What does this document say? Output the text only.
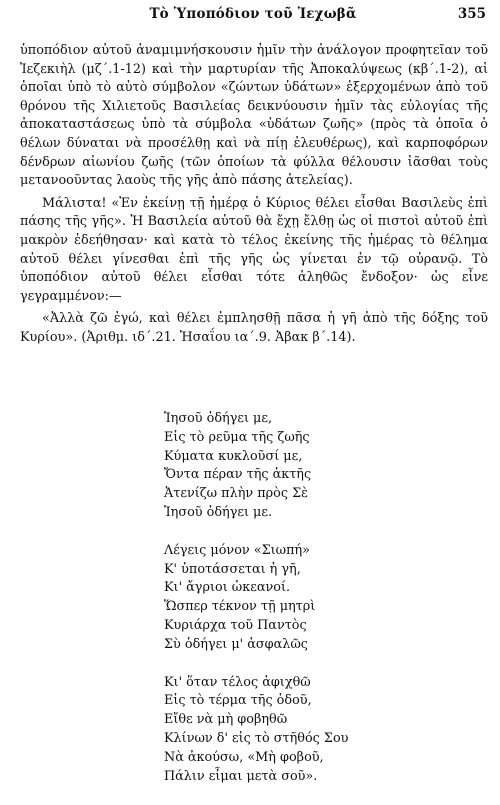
Τὸ Ὑποπόδιον τοῦ Ἰεχωβᾶ	355

ὑποπόδιον αὐτοῦ ἀναμιμνήσκουσιν ἡμῖν τὴν ἀνάλογον προφητεῖαν τοῦ Ἰεζεκιὴλ (μζ΄.1-12) καὶ τὴν μαρτυρίαν τῆς Ἀποκαλύψεως (κβ΄.1-2), αἱ ὁποῖαι ὑπὸ τὸ αὐτὸ σύμβολον «ζώντων ὑδάτων» ἐξερχομένων ἀπὸ τοῦ θρόνου τῆς Χιλιετοῦς Βασιλείας δεικνύουσιν ἡμῖν τὰς εὐλογίας τῆς ἀποκαταστάσεως ὑπὸ τὰ σύμβολα «ὑδάτων ζωῆς» (πρὸς τὰ ὁποῖα ὁ θέλων δύναται νὰ προσέλθῃ καὶ νὰ πίῃ ἐλευθέρως), καὶ καρποφόρων δένδρων αἰωνίου ζωῆς (τῶν ὁποίων τὰ φύλλα θέλουσιν ἰᾶσθαι τοὺς μετανοοῦντας λαοὺς τῆς γῆς ἀπὸ πάσης ἀτελείας).

Μάλιστα! «Ἐν ἐκείνῃ τῇ ἡμέρᾳ ὁ Κύριος θέλει εἶσθαι Βασιλεὺς ἐπὶ πάσης τῆς γῆς». Ἡ Βασιλεία αὐτοῦ θὰ ἔχῃ ἔλθῃ ὡς οἱ πιστοὶ αὐτοῦ ἐπὶ μακρὸν ἐδεήθησαν· καὶ κατὰ τὸ τέλος ἐκείνης τῆς ἡμέρας τὸ θέλημα αὐτοῦ θέλει γίνεσθαι ἐπὶ τῆς γῆς ὡς γίνεται ἐν τῷ οὐρανῷ. Τὸ ὑποπόδιον αὐτοῦ θέλει εἶσθαι τότε ἀληθῶς ἔνδοξον· ὡς εἶνε γεγραμμένον:—

«Ἀλλὰ ζῶ ἐγώ, καὶ θέλει ἐμπλησθῇ πᾶσα ἡ γῆ ἀπὸ τῆς δόξης τοῦ Κυρίου». (Ἀριθμ. ιδ΄.21. Ἠσαΐου ια΄.9. Ἀβακ β΄.14).

Ἰησοῦ ὁδήγει με,
Εἰς τὸ ρεῦμα τῆς ζωῆς
Κύματα κυκλοῦσί με,
Ὄντα πέραν τῆς ἀκτῆς
Ἀτενίζω πλὴν πρὸς Σὲ
Ἰησοῦ ὁδήγει με.
Λέγεις μόνον «Σιωπή»
Κ' ὑποτάσσεται ἡ γῆ,
Κι' ἄγριοι ὠκεανοί.
Ὥσπερ τέκνον τῇ μητρὶ
Κυριάρχα τοῦ Παντὸς
Σὺ ὁδήγει μ' ἀσφαλῶς
Κι' ὅταν τέλος ἀφιχθῶ
Εἰς τὸ τέρμα τῆς ὁδοῦ,
Εἴθε νὰ μὴ φοβηθῶ
Κλίνων δ' εἰς τὸ στῆθός Σου
Νὰ ἀκούσω, «Μὴ φοβοῦ,
Πάλιν εἶμαι μετὰ σοῦ».
